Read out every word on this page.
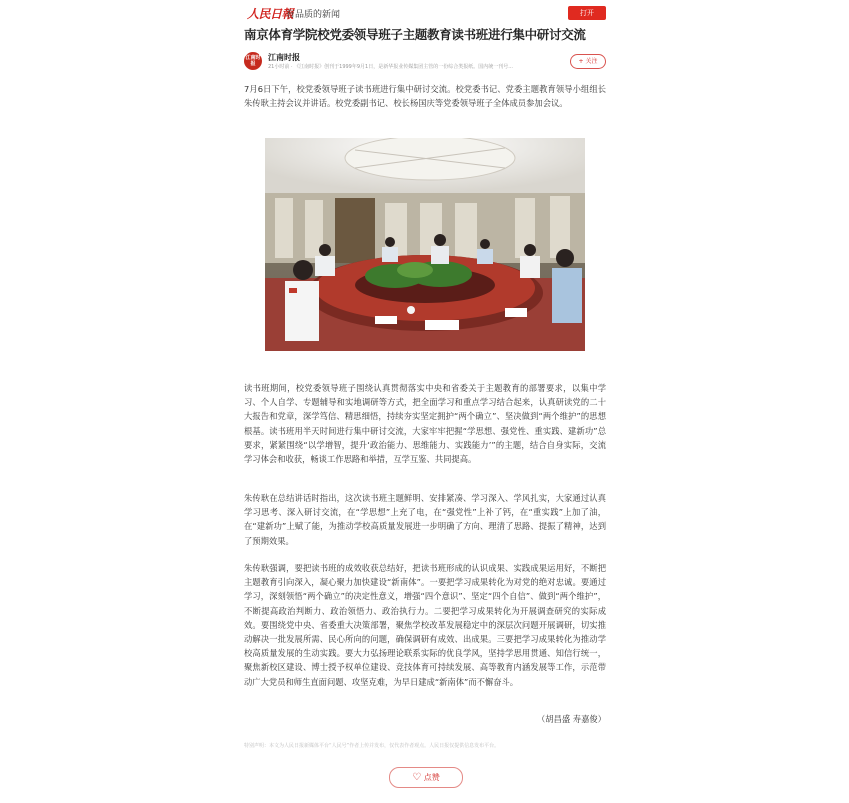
人民日報
有品质的新闻	打开
南京体育学院校党委领导班子主题教育读书班进行集中研讨交流
江南时报
江南时报
21小时前 · 《江南时报》创刊于1999年9月1日，是新华报业传媒集团主管的一份综合类报纸。国内统一刊号...
+ 关注

7月6日下午，校党委领导班子读书班进行集中研讨交流。校党委书记、党委主题教育领导小组组长朱传耿主持会议并讲话。校党委副书记、校长杨国庆等党委领导班子全体成员参加会议。

读书班期间，校党委领导班子围绕认真贯彻落实中央和省委关于主题教育的部署要求，以集中学习、个人自学、专题辅导和实地调研等方式，把全面学习和重点学习结合起来，认真研读党的二十大报告和党章，深学笃信、精思细悟，持续夯实坚定拥护“两个确立”、坚决做到“两个维护”的思想根基。读书班用半天时间进行集中研讨交流，大家牢牢把握“学思想、强党性、重实践、建新功”总要求，紧紧围绕“以学增智，提升‘政治能力、思维能力、实践能力’”的主题，结合自身实际，交流学习体会和收获，畅谈工作思路和举措，互学互鉴、共同提高。

朱传耿在总结讲话时指出，这次读书班主题鲜明、安排紧凑、学习深入、学风扎实，大家通过认真学习思考、深入研讨交流，在“学思想”上充了电，在“强党性”上补了钙，在“重实践”上加了油，在“建新功”上赋了能，为推动学校高质量发展进一步明确了方向、理清了思路、提振了精神，达到了预期效果。

朱传耿强调，要把读书班的成效收获总结好，把读书班形成的认识成果、实践成果运用好，不断把主题教育引向深入，凝心聚力加快建设“新南体”。一要把学习成果转化为对党的绝对忠诚。要通过学习，深刻领悟“两个确立”的决定性意义，增强“四个意识”、坚定“四个自信”、做到“两个维护”，不断提高政治判断力、政治领悟力、政治执行力。二要把学习成果转化为开展调查研究的实际成效。要围绕党中央、省委重大决策部署，聚焦学校改革发展稳定中的深层次问题开展调研，切实推动解决一批发展所需、民心所向的问题，确保调研有成效、出成果。三要把学习成果转化为推动学校高质量发展的生动实践。要大力弘扬理论联系实际的优良学风，坚持学思用贯通、知信行统一，聚焦新校区建设、博士授予权单位建设、竞技体育可持续发展、高等教育内涵发展等工作，示范带动广大党员和师生直面问题、攻坚克难，为早日建成“新南体”而不懈奋斗。

（胡昌盛 寿嘉俊）
特别声明：本文为人民日报新媒体平台“人民号”作者上传并发布，仅代表作者观点。人民日报仅提供信息发布平台。
♡ 点赞
